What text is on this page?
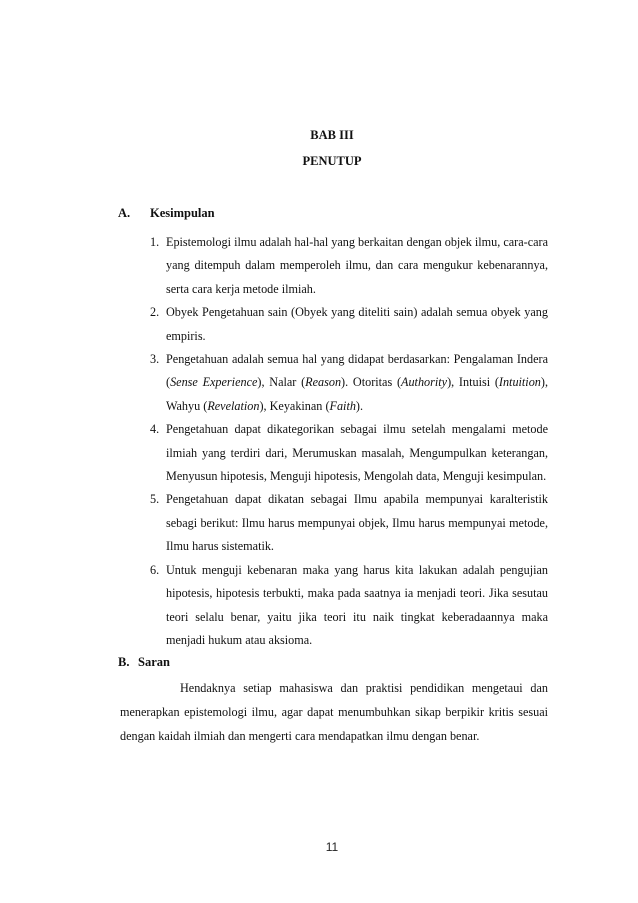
BAB III
PENUTUP
A. Kesimpulan
1. Epistemologi ilmu adalah hal-hal yang berkaitan dengan objek ilmu, cara-cara yang ditempuh dalam memperoleh ilmu, dan cara mengukur kebenarannya, serta cara kerja metode ilmiah.
2. Obyek Pengetahuan sain (Obyek yang diteliti sain) adalah semua obyek yang empiris.
3. Pengetahuan adalah semua hal yang didapat berdasarkan: Pengalaman Indera (Sense Experience), Nalar (Reason). Otoritas (Authority), Intuisi (Intuition), Wahyu (Revelation), Keyakinan (Faith).
4. Pengetahuan dapat dikategorikan sebagai ilmu setelah mengalami metode ilmiah yang terdiri dari, Merumuskan masalah, Mengumpulkan keterangan, Menyusun hipotesis, Menguji hipotesis, Mengolah data, Menguji kesimpulan.
5. Pengetahuan dapat dikatan sebagai Ilmu apabila mempunyai karalteristik sebagi berikut: Ilmu harus mempunyai objek, Ilmu harus mempunyai metode, Ilmu harus sistematik.
6. Untuk menguji kebenaran maka yang harus kita lakukan adalah pengujian hipotesis, hipotesis terbukti, maka pada saatnya ia menjadi teori. Jika sesutau teori selalu benar, yaitu jika teori itu naik tingkat keberadaannya maka menjadi hukum atau aksioma.
B. Saran

Hendaknya setiap mahasiswa dan praktisi pendidikan mengetaui dan menerapkan epistemologi ilmu, agar dapat menumbuhkan sikap berpikir kritis sesuai dengan kaidah ilmiah dan mengerti cara mendapatkan ilmu dengan benar.

11
